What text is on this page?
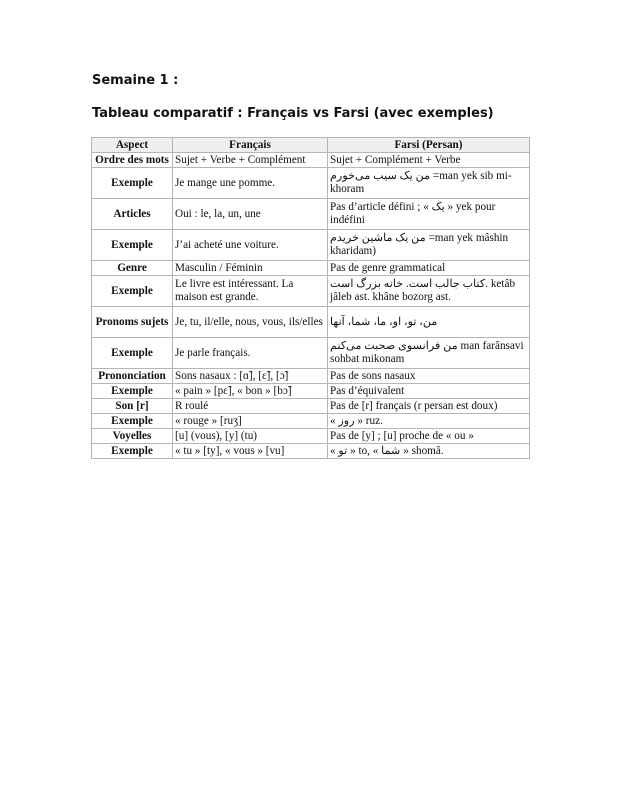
Semaine 1 :
Tableau comparatif : Français vs Farsi (avec exemples)
Aspect	Français	Farsi (Persan)
Ordre des mots	Sujet + Verbe + Complément	Sujet + Complément + Verbe
Exemple	Je mange une pomme.	من یک سیب می‌خورم =man yek sib mi-khoram
Articles	Oui : le, la, un, une	Pas d’article défini ; « یک » yek pour indéfini
Exemple	J’ai acheté une voiture.	من یک ماشین خریدم =man yek mâshin kharidam)
Genre	Masculin / Féminin	Pas de genre grammatical
Exemple	Le livre est intéressant. La maison est grande.	کتاب جالب است. خانه بزرگ است. ketâb jâleb ast. khâne bozorg ast.
Pronoms sujets	Je, tu, il/elle, nous, vous, ils/elles	من، تو، او، ما، شما، آنها
Exemple	Je parle français.	من فرانسوی صحبت می‌کنم man farânsavi sohbat mikonam
Prononciation	Sons nasaux : [ɑ̃], [ɛ̃], [ɔ̃]	Pas de sons nasaux
Exemple	« pain » [pɛ̃], « bon » [bɔ̃]	Pas d’équivalent
Son [r]	R roulé	Pas de [r] français (r persan est doux)
Exemple	« rouge » [ruʒ]	« روز » ruz.
Voyelles	[u] (vous), [y] (tu)	Pas de [y] ; [u] proche de « ou »
Exemple	« tu » [ty], « vous » [vu]	« تو » to, « شما » shomâ.
